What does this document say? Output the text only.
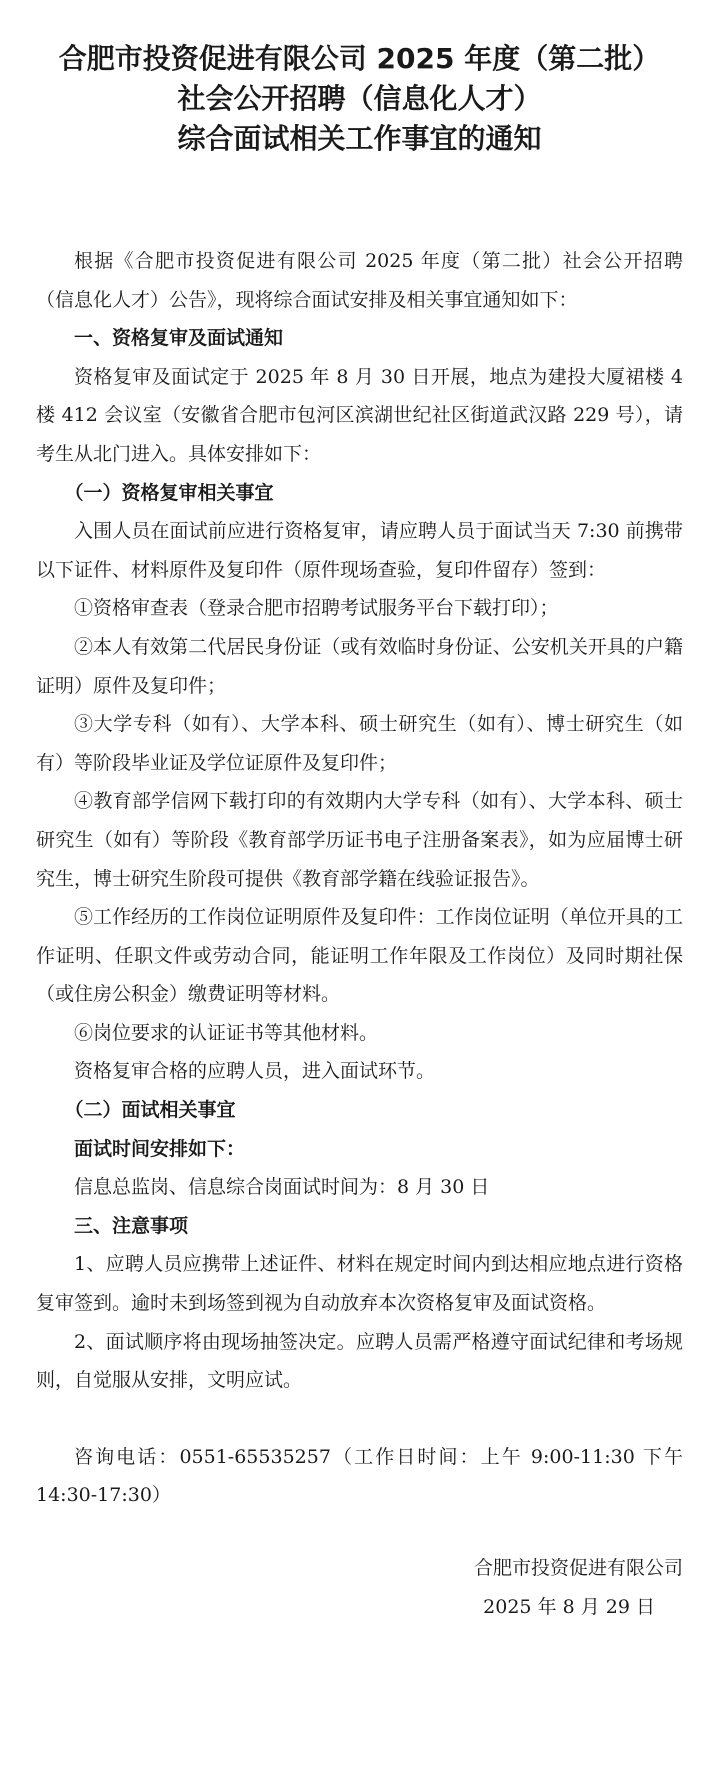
合肥市投资促进有限公司 2025 年度（第二批）
社会公开招聘（信息化人才）
综合面试相关工作事宜的通知

根据《合肥市投资促进有限公司 2025 年度（第二批）社会公开招聘（信息化人才）公告》，现将综合面试安排及相关事宜通知如下：

一、资格复审及面试通知

资格复审及面试定于 2025 年 8 月 30 日开展，地点为建投大厦裙楼 4 楼 412 会议室（安徽省合肥市包河区滨湖世纪社区街道武汉路 229 号），请考生从北门进入。具体安排如下：

（一）资格复审相关事宜

入围人员在面试前应进行资格复审，请应聘人员于面试当天 7:30 前携带以下证件、材料原件及复印件（原件现场查验，复印件留存）签到：

①资格审查表（登录合肥市招聘考试服务平台下载打印）；

②本人有效第二代居民身份证（或有效临时身份证、公安机关开具的户籍证明）原件及复印件；

③大学专科（如有）、大学本科、硕士研究生（如有）、博士研究生（如有）等阶段毕业证及学位证原件及复印件；

④教育部学信网下载打印的有效期内大学专科（如有）、大学本科、硕士研究生（如有）等阶段《教育部学历证书电子注册备案表》，如为应届博士研究生，博士研究生阶段可提供《教育部学籍在线验证报告》。

⑤工作经历的工作岗位证明原件及复印件：工作岗位证明（单位开具的工作证明、任职文件或劳动合同，能证明工作年限及工作岗位）及同时期社保（或住房公积金）缴费证明等材料。

⑥岗位要求的认证证书等其他材料。

资格复审合格的应聘人员，进入面试环节。

（二）面试相关事宜

面试时间安排如下：

信息总监岗、信息综合岗面试时间为：8 月 30 日

三、注意事项

1、应聘人员应携带上述证件、材料在规定时间内到达相应地点进行资格复审签到。逾时未到场签到视为自动放弃本次资格复审及面试资格。

2、面试顺序将由现场抽签决定。应聘人员需严格遵守面试纪律和考场规则，自觉服从安排，文明应试。

咨询电话：0551-65535257（工作日时间：上午 9:00-11:30 下午 14:30-17:30）

合肥市投资促进有限公司

2025 年 8 月 29 日
